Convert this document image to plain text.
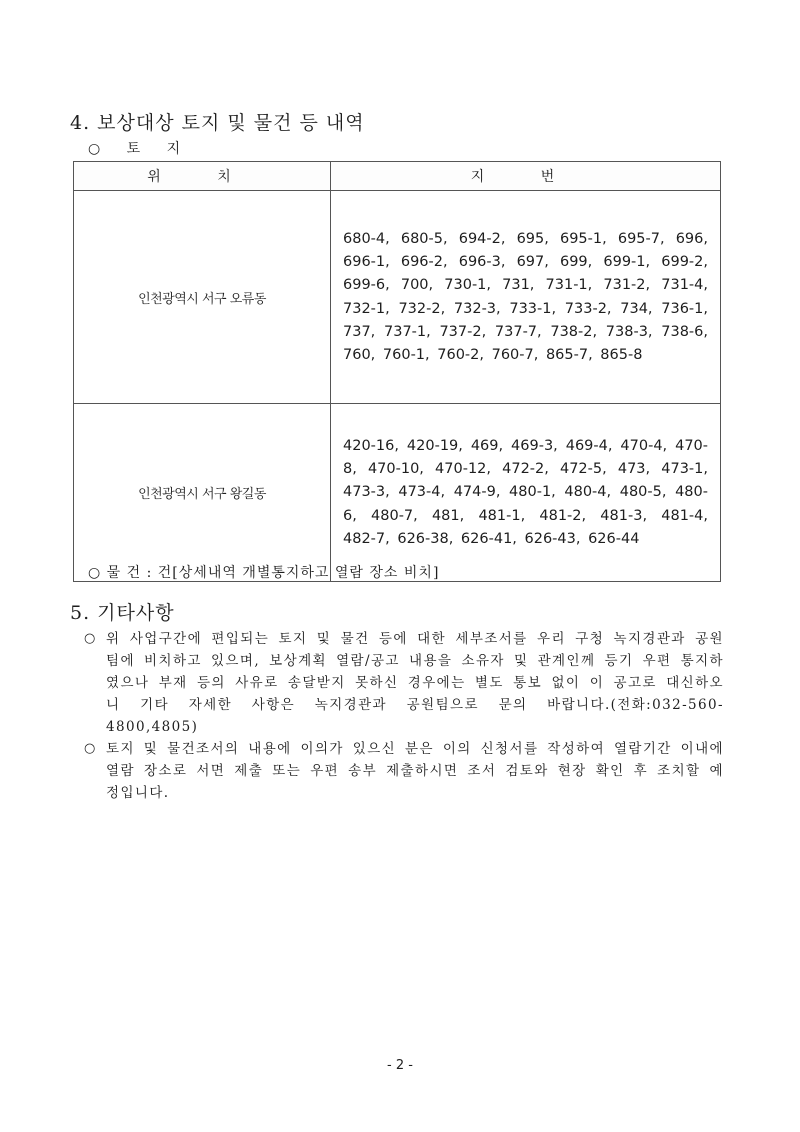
4. 보상대상 토지 및 물건 등 내역
○ 토 지
위 치	지 번
인천광역시 서구 오류동	680-4, 680-5, 694-2, 695, 695-1, 695-7, 696, 696-1, 696-2, 696-3, 697, 699, 699-1, 699-2, 699-6, 700, 730-1, 731, 731-1, 731-2, 731-4, 732-1, 732-2, 732-3, 733-1, 733-2, 734, 736-1, 737, 737-1, 737-2, 737-7, 738-2, 738-3, 738-6, 760, 760-1, 760-2, 760-7, 865-7, 865-8
인천광역시 서구 왕길동	420-16, 420-19, 469, 469-3, 469-4, 470-4, 470-8, 470-10, 470-12, 472-2, 472-5, 473, 473-1, 473-3, 473-4, 474-9, 480-1, 480-4, 480-5, 480-6, 480-7, 481, 481-1, 481-2, 481-3, 481-4, 482-7, 626-38, 626-41, 626-43, 626-44
○ 물 건 : 건[상세내역 개별통지하고 열람 장소 비치]
5. 기타사항
○ 위 사업구간에 편입되는 토지 및 물건 등에 대한 세부조서를 우리 구청 녹지경관과 공원팀에 비치하고 있으며, 보상계획 열람/공고 내용을 소유자 및 관계인께 등기 우편 통지하였으나 부재 등의 사유로 송달받지 못하신 경우에는 별도 통보 없이 이 공고로 대신하오니 기타 자세한 사항은 녹지경관과 공원팀으로 문의 바랍니다.(전화:032-560-4800,4805)
○ 토지 및 물건조서의 내용에 이의가 있으신 분은 이의 신청서를 작성하여 열람기간 이내에 열람 장소로 서면 제출 또는 우편 송부 제출하시면 조서 검토와 현장 확인 후 조치할 예정입니다.
- 2 -
